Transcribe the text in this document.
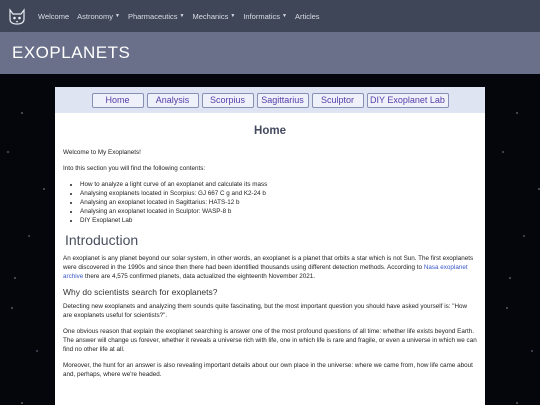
Welcome Astronomy ▼ Pharmaceutics ▼ Mechanics ▼ Informatics ▼ Articles
EXOPLANETS
Home	Analysis	Scorpius	Sagittarius	Sculptor	DIY Exoplanet Lab
Home

Welcome to My Exoplanets!

Into this section you will find the following contents:

• How to analyze a light curve of an exoplanet and calculate its mass
• Analysing exoplanets located in Scorpius: GJ 667 C g and K2-24 b
• Analysing an exoplanet located in Sagittarius: HATS-12 b
• Analysing an exoplanet located in Sculptor: WASP-8 b
• DIY Exoplanet Lab
Introduction

An exoplanet is any planet beyond our solar system, in other words, an exoplanet is a planet that orbits a star which is not Sun. The first exoplanets were discovered in the 1990s and since then there had been identified thousands using different detection methods. According to Nasa exoplanet archive there are 4,575 confirmed planets, data actualized the eighteenth November 2021.

Why do scientists search for exoplanets?

Detecting new exoplanets and analyzing them sounds quite fascinating, but the most important question you should have asked yourself is: "How are exoplanets useful for scientists?".

One obvious reason that explain the exoplanet searching is answer one of the most profound questions of all time: whether life exists beyond Earth. The answer will change us forever, whether it reveals a universe rich with life, one in which life is rare and fragile, or even a universe in which we can find no other life at all.

Moreover, the hunt for an answer is also revealing important details about our own place in the universe: where we came from, how life came about and, perhaps, where we're headed.
